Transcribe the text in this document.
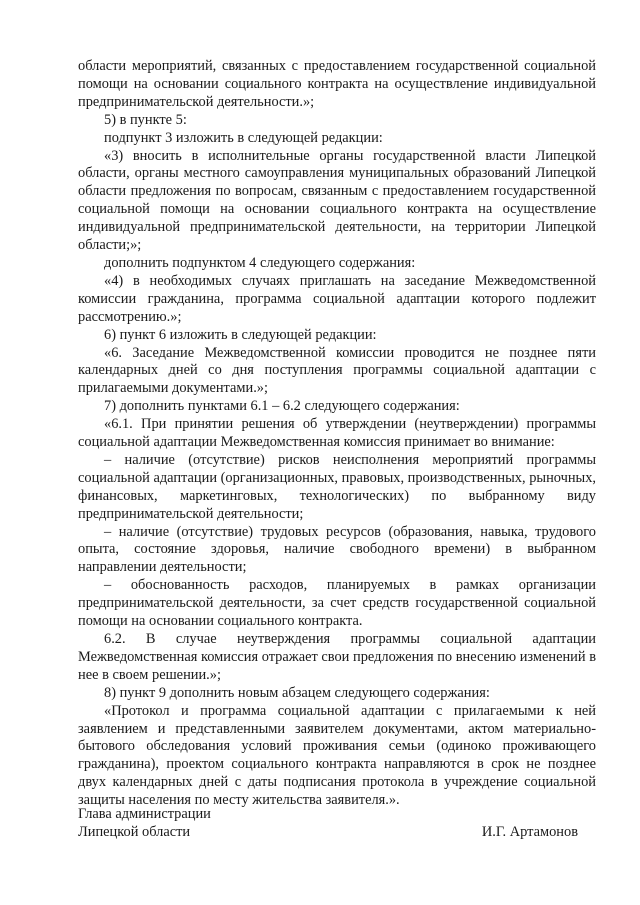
области мероприятий, связанных с предоставлением государственной социальной помощи на основании социального контракта на осуществление индивидуальной предпринимательской деятельности.»;

5) в пункте 5:

подпункт 3 изложить в следующей редакции:

«3) вносить в исполнительные органы государственной власти Липецкой области, органы местного самоуправления муниципальных образований Липецкой области предложения по вопросам, связанным с предоставлением государственной социальной помощи на основании социального контракта на осуществление индивидуальной предпринимательской деятельности, на территории Липецкой области;»;

дополнить подпунктом 4 следующего содержания:

«4) в необходимых случаях приглашать на заседание Межведомственной комиссии гражданина, программа социальной адаптации которого подлежит рассмотрению.»;

6) пункт 6 изложить в следующей редакции:

«6. Заседание Межведомственной комиссии проводится не позднее пяти календарных дней со дня поступления программы социальной адаптации с прилагаемыми документами.»;

7) дополнить пунктами 6.1 – 6.2 следующего содержания:

«6.1. При принятии решения об утверждении (неутверждении) программы социальной адаптации Межведомственная комиссия принимает во внимание:

– наличие (отсутствие) рисков неисполнения мероприятий программы социальной адаптации (организационных, правовых, производственных, рыночных, финансовых, маркетинговых, технологических) по выбранному виду предпринимательской деятельности;

– наличие (отсутствие) трудовых ресурсов (образования, навыка, трудового опыта, состояние здоровья, наличие свободного времени) в выбранном направлении деятельности;

– обоснованность расходов, планируемых в рамках организации предпринимательской деятельности, за счет средств государственной социальной помощи на основании социального контракта.

6.2. В случае неутверждения программы социальной адаптации Межведомственная комиссия отражает свои предложения по внесению изменений в нее в своем решении.»;

8) пункт 9 дополнить новым абзацем следующего содержания:

«Протокол и программа социальной адаптации с прилагаемыми к ней заявлением и представленными заявителем документами, актом материально-бытового обследования условий проживания семьи (одиноко проживающего гражданина), проектом социального контракта направляются в срок не позднее двух календарных дней с даты подписания протокола в учреждение социальной защиты населения по месту жительства заявителя.».

Глава администрации
Липецкой области	И.Г. Артамонов
